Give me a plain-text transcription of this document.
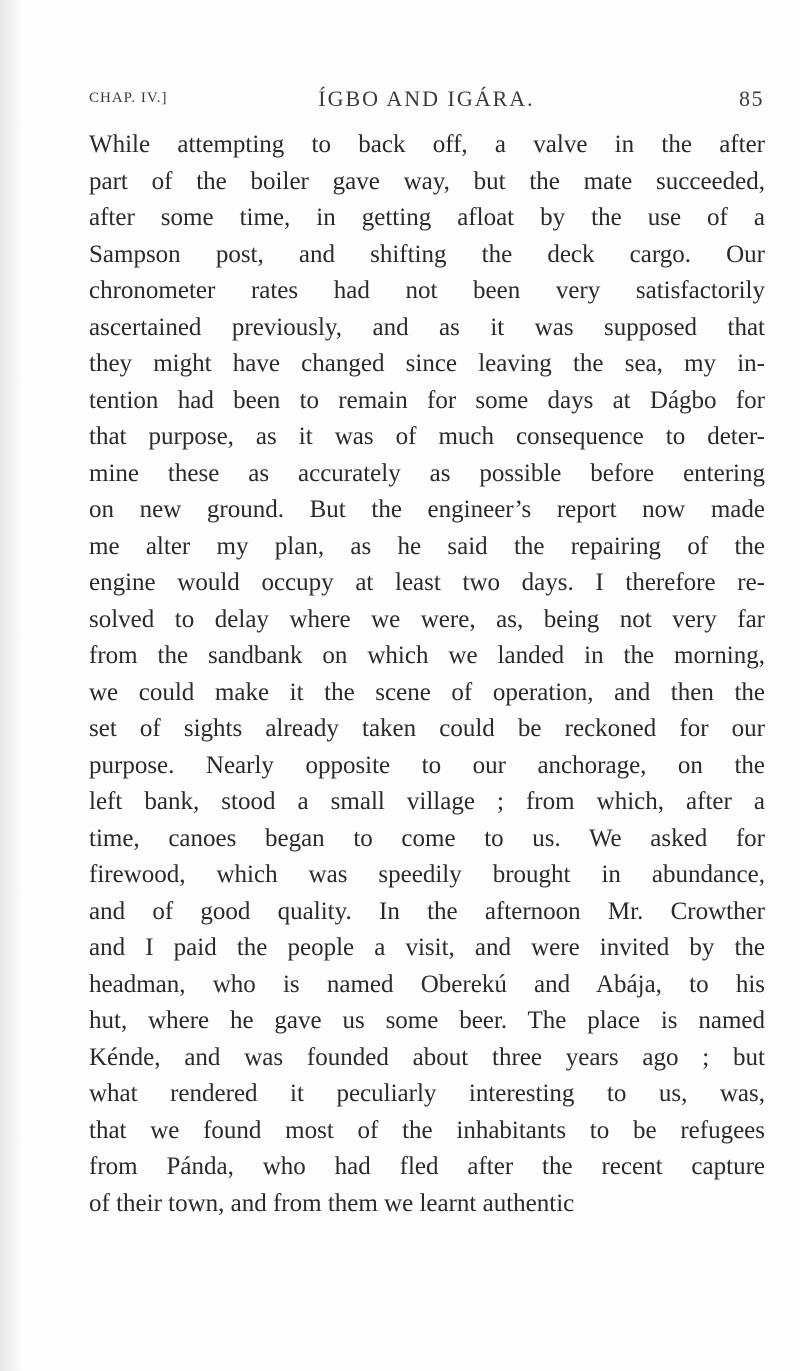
CHAP. IV.]	ÍGBO AND IGÁRA.	85
While attempting to back off, a valve in the after
part of the boiler gave way, but the mate succeeded,
after some time, in getting afloat by the use of a
Sampson post, and shifting the deck cargo. Our
chronometer rates had not been very satisfactorily
ascertained previously, and as it was supposed that
they might have changed since leaving the sea, my in-
tention had been to remain for some days at Dágbo for
that purpose, as it was of much consequence to deter-
mine these as accurately as possible before entering
on new ground. But the engineer’s report now made
me alter my plan, as he said the repairing of the
engine would occupy at least two days. I therefore re-
solved to delay where we were, as, being not very far
from the sandbank on which we landed in the morning,
we could make it the scene of operation, and then the
set of sights already taken could be reckoned for our
purpose. Nearly opposite to our anchorage, on the
left bank, stood a small village ; from which, after a
time, canoes began to come to us. We asked for
firewood, which was speedily brought in abundance,
and of good quality. In the afternoon Mr. Crowther
and I paid the people a visit, and were invited by the
headman, who is named Oberekú and Abája, to his
hut, where he gave us some beer. The place is named
Kénde, and was founded about three years ago ; but
what rendered it peculiarly interesting to us, was,
that we found most of the inhabitants to be refugees
from Pánda, who had fled after the recent capture
of their town, and from them we learnt authentic
